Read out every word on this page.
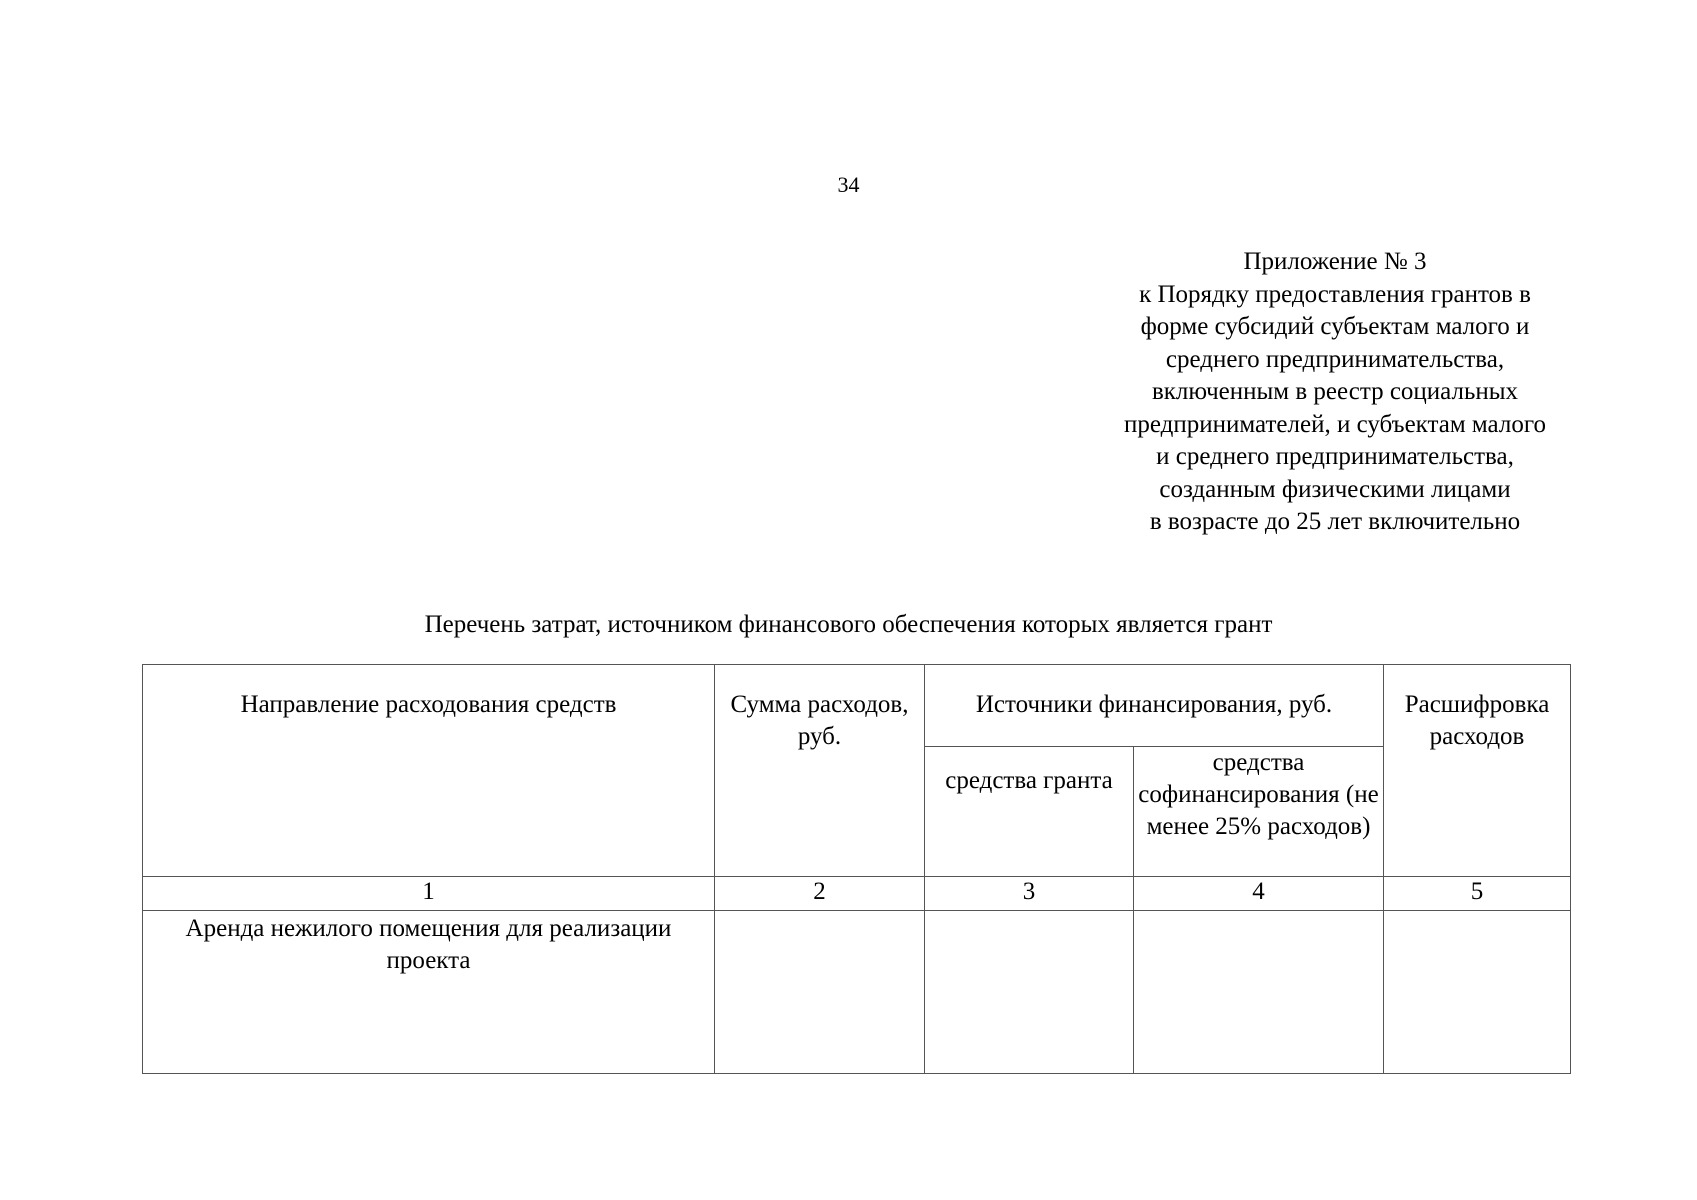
34
Приложение № 3
к Порядку предоставления грантов в
форме субсидий субъектам малого и
среднего предпринимательства,
включенным в реестр социальных
предпринимателей, и субъектам малого
и среднего предпринимательства,
созданным физическими лицами
в возрасте до 25 лет включительно
Перечень затрат, источником финансового обеспечения которых является грант
Направление расходования средств	Сумма расходов, руб.	Источники финансирования, руб.		Расшифровка расходов

		средства гранта	средства софинансирования (не менее 25% расходов)	

1	2	3	4	5

Аренда нежилого помещения для реализации проекта				
